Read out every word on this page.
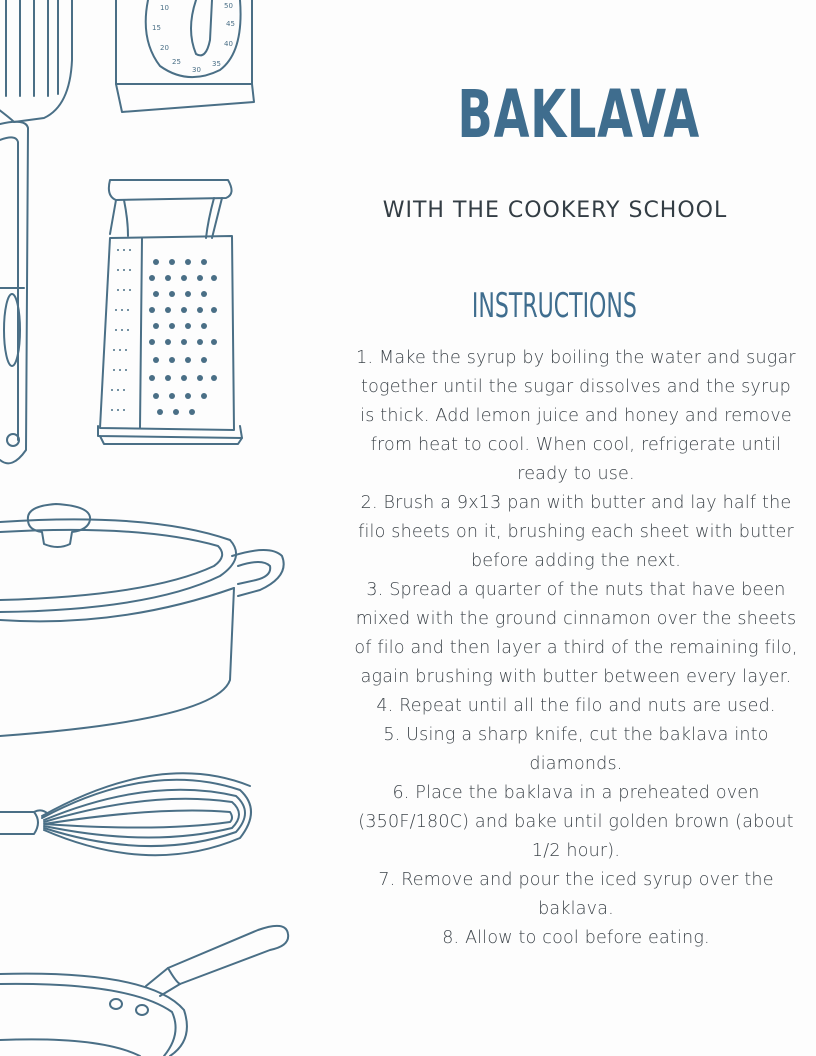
15
20
25
30
35
40
45
50
10
BAKLAVA
WITH THE COOKERY SCHOOL
INSTRUCTIONS
1. Make the syrup by boiling the water and sugar together until the sugar dissolves and the syrup is thick. Add lemon juice and honey and remove from heat to cool. When cool, refrigerate until ready to use.
2. Brush a 9x13 pan with butter and lay half the filo sheets on it, brushing each sheet with butter before adding the next.
3. Spread a quarter of the nuts that have been mixed with the ground cinnamon over the sheets of filo and then layer a third of the remaining filo, again brushing with butter between every layer.
4. Repeat until all the filo and nuts are used.
5. Using a sharp knife, cut the baklava into diamonds.
6. Place the baklava in a preheated oven (350F/180C) and bake until golden brown (about 1/2 hour).
7. Remove and pour the iced syrup over the baklava.
8. Allow to cool before eating.
